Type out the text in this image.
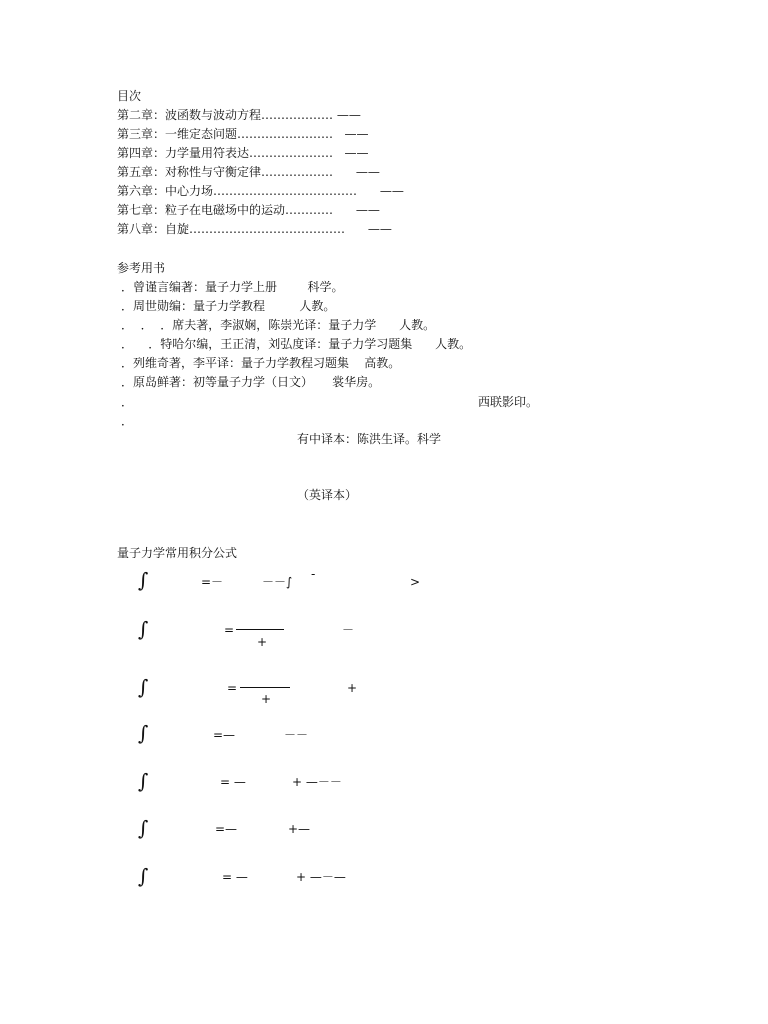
目次
第二章：波函数与波动方程……………… ——
第三章：一维定态问题……………………   ——
第四章：力学量用符表达…………………   ——
第五章：对称性与守衡定律………………      ——
第六章：中心力场………………………………      ——
第七章：粒子在电磁场中的运动…………      ——
第八章：自旋…………………………………      ——
参考用书
．曾谨言编著：量子力学上册        科学。
．周世勋编：量子力学教程         人教。
．  ．  ．席夫著，李淑娴，陈崇光译：量子力学      人教。
．    ．特哈尔编，王正清，刘弘度译：量子力学习题集      人教。
．列维奇著，李平译：量子力学教程习题集    高教。
．原岛鲜著：初等量子力学（日文）     裳华房。
．	西联影印。
．
有中译本：陈洪生译。科学
（英译本）
量子力学常用积分公式
∫	=－	－－∫
-
>
∫	=
+
－
∫	=
+
+
∫	=—	－－
∫	= —	+ —－－
∫	=—	+—
∫	= —	+ —－—
